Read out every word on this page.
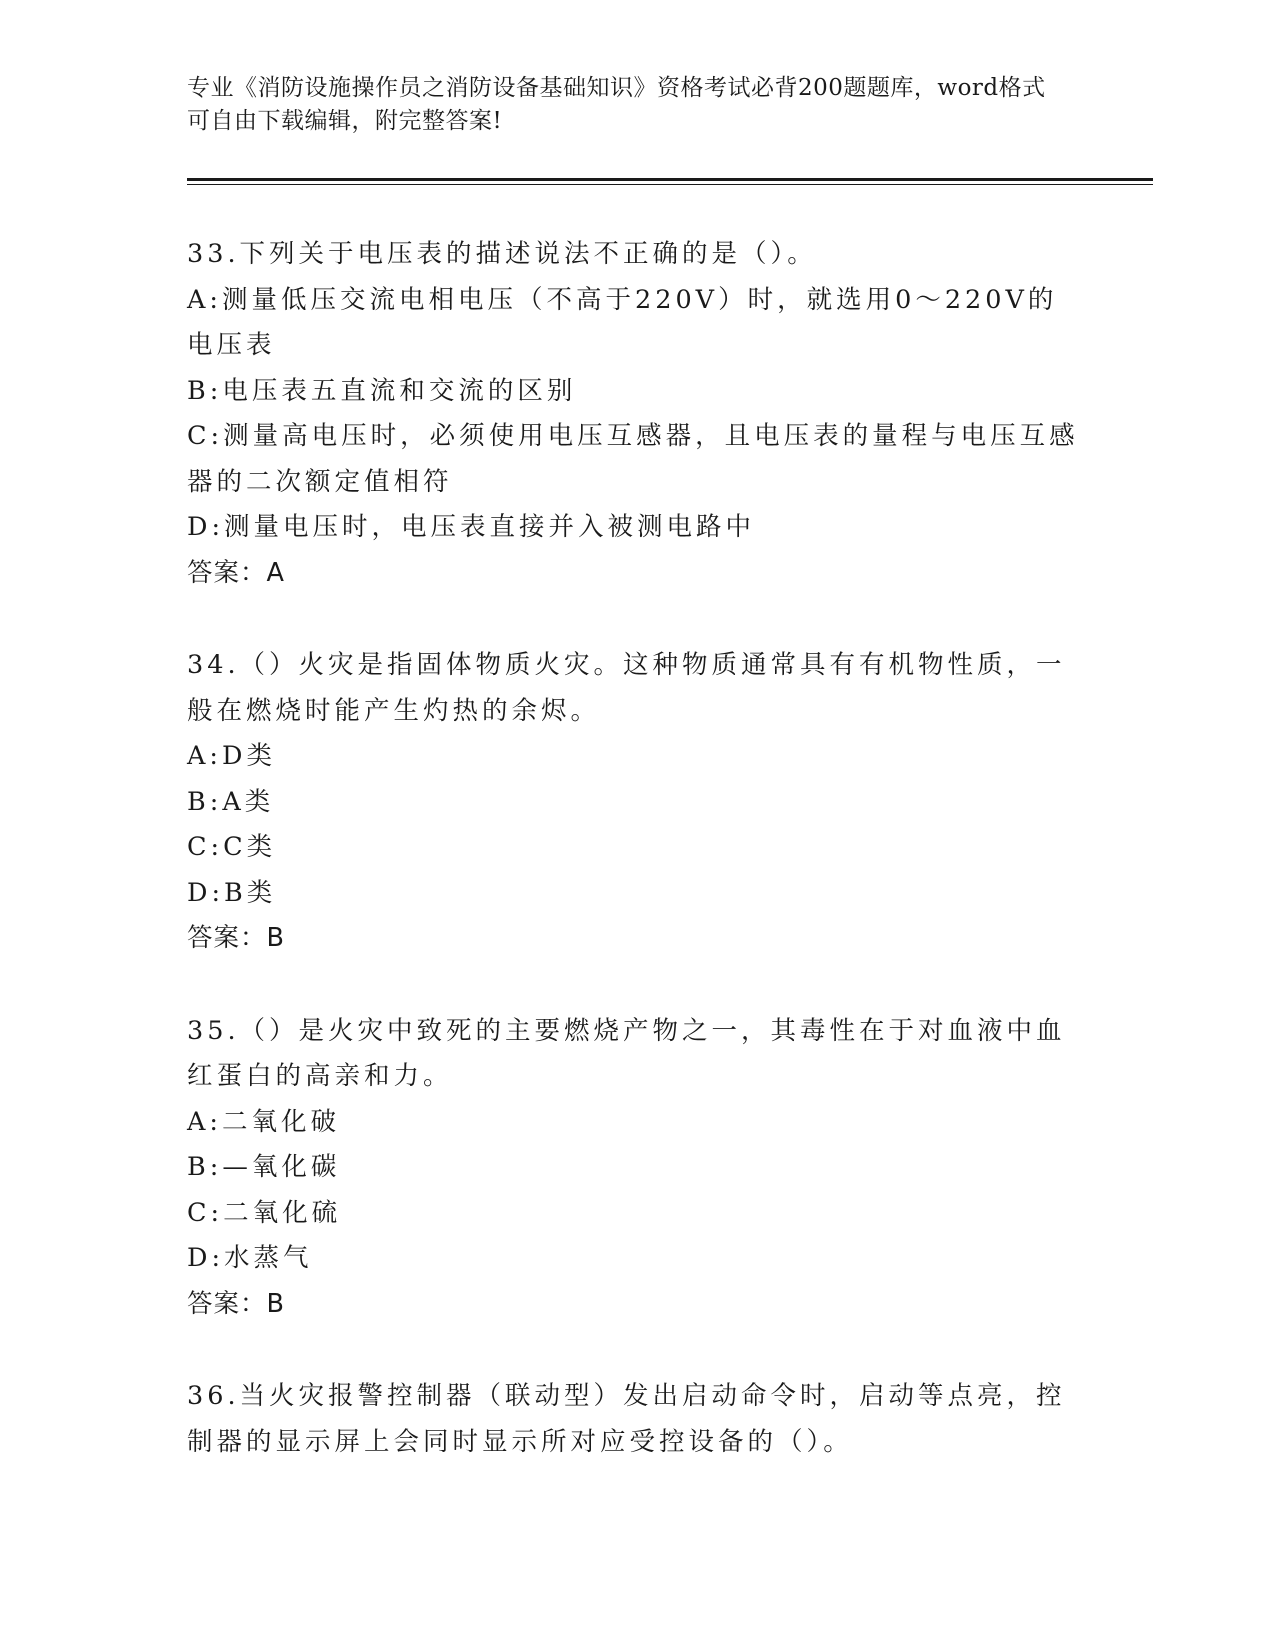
专业《消防设施操作员之消防设备基础知识》资格考试必背200题题库，word格式可自由下载编辑，附完整答案!
33.下列关于电压表的描述说法不正确的是（）。
A:测量低压交流电相电压（不高于220V）时，就选用0～220V的电压表
B:电压表五直流和交流的区别
C:测量高电压时，必须使用电压互感器，且电压表的量程与电压互感器的二次额定值相符
D:测量电压时，电压表直接并入被测电路中
答案：A
34.（）火灾是指固体物质火灾。这种物质通常具有有机物性质，一般在燃烧时能产生灼热的余烬。
A:D类
B:A类
C:C类
D:B类
答案：B
35.（）是火灾中致死的主要燃烧产物之一，其毒性在于对血液中血红蛋白的高亲和力。
A:二氧化破
B:—氧化碳
C:二氧化硫
D:水蒸气
答案：B
36.当火灾报警控制器（联动型）发出启动命令时，启动等点亮，控制器的显示屏上会同时显示所对应受控设备的（）。
